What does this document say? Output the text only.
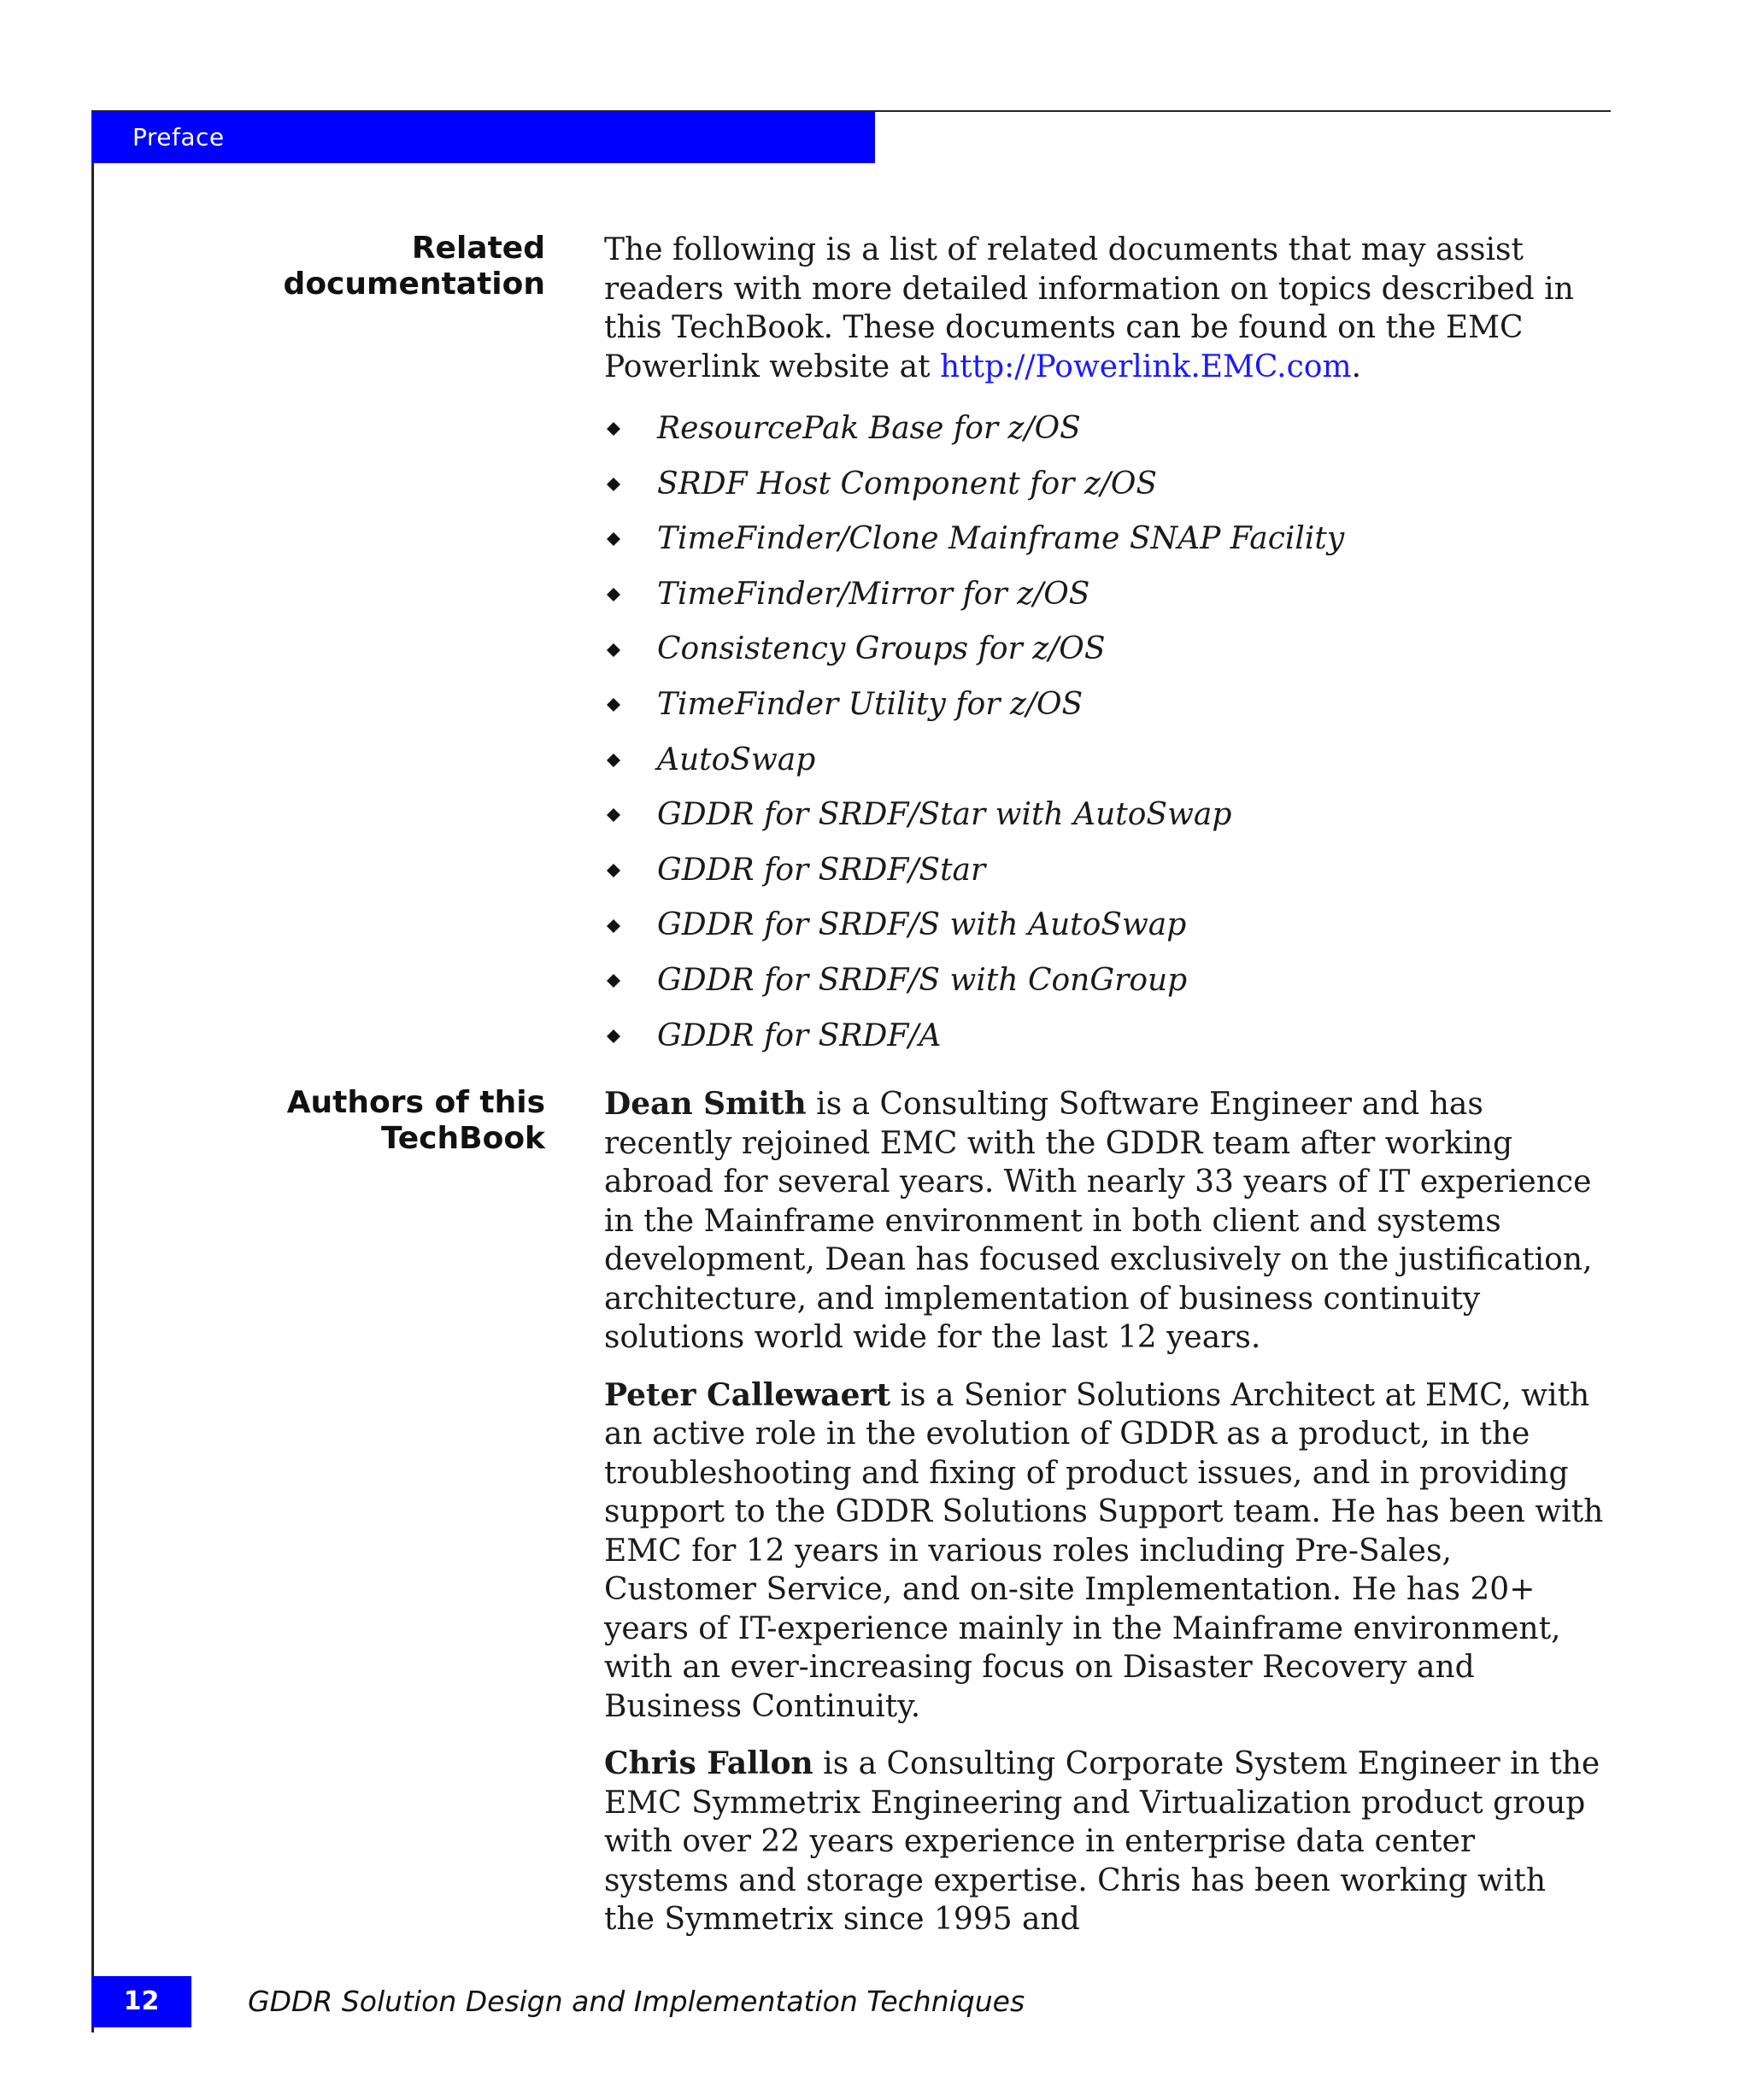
Preface
Related
documentation

The following is a list of related documents that may assist readers with more detailed information on topics described in this TechBook. These documents can be found on the EMC Powerlink website at http://Powerlink.EMC.com.

ResourcePak Base for z/OS
SRDF Host Component for z/OS
TimeFinder/Clone Mainframe SNAP Facility
TimeFinder/Mirror for z/OS
Consistency Groups for z/OS
TimeFinder Utility for z/OS
AutoSwap
GDDR for SRDF/Star with AutoSwap
GDDR for SRDF/Star
GDDR for SRDF/S with AutoSwap
GDDR for SRDF/S with ConGroup
GDDR for SRDF/A
Authors of this
TechBook

Dean Smith is a Consulting Software Engineer and has recently rejoined EMC with the GDDR team after working abroad for several years. With nearly 33 years of IT experience in the Mainframe environment in both client and systems development, Dean has focused exclusively on the justification, architecture, and implementation of business continuity solutions world wide for the last 12 years.

Peter Callewaert is a Senior Solutions Architect at EMC, with an active role in the evolution of GDDR as a product, in the troubleshooting and fixing of product issues, and in providing support to the GDDR Solutions Support team. He has been with EMC for 12 years in various roles including Pre-Sales, Customer Service, and on-site Implementation. He has 20+ years of IT-experience mainly in the Mainframe environment, with an ever-increasing focus on Disaster Recovery and Business Continuity.

Chris Fallon is a Consulting Corporate System Engineer in the EMC Symmetrix Engineering and Virtualization product group with over 22 years experience in enterprise data center systems and storage expertise. Chris has been working with the Symmetrix since 1995 and

12	GDDR Solution Design and Implementation Techniques
